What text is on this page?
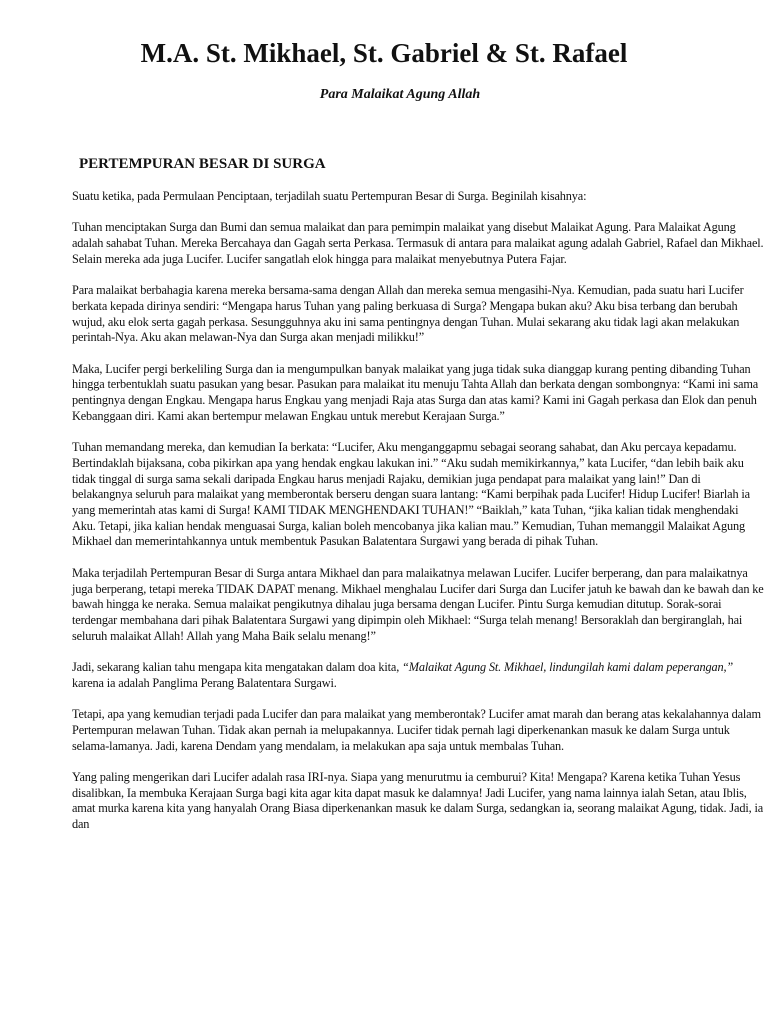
M.A. St. Mikhael, St. Gabriel & St. Rafael
Para Malaikat Agung Allah
PERTEMPURAN BESAR DI SURGA

Suatu ketika, pada Permulaan Penciptaan, terjadilah suatu Pertempuran Besar di Surga. Beginilah kisahnya:

Tuhan menciptakan Surga dan Bumi dan semua malaikat dan para pemimpin malaikat yang disebut Malaikat Agung. Para Malaikat Agung adalah sahabat Tuhan. Mereka Bercahaya dan Gagah serta Perkasa. Termasuk di antara para malaikat agung adalah Gabriel, Rafael dan Mikhael. Selain mereka ada juga Lucifer. Lucifer sangatlah elok hingga para malaikat menyebutnya Putera Fajar.

Para malaikat berbahagia karena mereka bersama-sama dengan Allah dan mereka semua mengasihi-Nya. Kemudian, pada suatu hari Lucifer berkata kepada dirinya sendiri: “Mengapa harus Tuhan yang paling berkuasa di Surga? Mengapa bukan aku? Aku bisa terbang dan berubah wujud, aku elok serta gagah perkasa. Sesungguhnya aku ini sama pentingnya dengan Tuhan. Mulai sekarang aku tidak lagi akan melakukan perintah-Nya. Aku akan melawan-Nya dan Surga akan menjadi milikku!”

Maka, Lucifer pergi berkeliling Surga dan ia mengumpulkan banyak malaikat yang juga tidak suka dianggap kurang penting dibanding Tuhan hingga terbentuklah suatu pasukan yang besar. Pasukan para malaikat itu menuju Tahta Allah dan berkata dengan sombongnya: “Kami ini sama pentingnya dengan Engkau. Mengapa harus Engkau yang menjadi Raja atas Surga dan atas kami? Kami ini Gagah perkasa dan Elok dan penuh Kebanggaan diri. Kami akan bertempur melawan Engkau untuk merebut Kerajaan Surga.”

Tuhan memandang mereka, dan kemudian Ia berkata: “Lucifer, Aku menganggapmu sebagai seorang sahabat, dan Aku percaya kepadamu. Bertindaklah bijaksana, coba pikirkan apa yang hendak engkau lakukan ini.” “Aku sudah memikirkannya,” kata Lucifer, “dan lebih baik aku tidak tinggal di surga sama sekali daripada Engkau harus menjadi Rajaku, demikian juga pendapat para malaikat yang lain!” Dan di belakangnya seluruh para malaikat yang memberontak berseru dengan suara lantang: “Kami berpihak pada Lucifer! Hidup Lucifer! Biarlah ia yang memerintah atas kami di Surga! KAMI TIDAK MENGHENDAKI TUHAN!” “Baiklah,” kata Tuhan, “jika kalian tidak menghendaki Aku. Tetapi, jika kalian hendak menguasai Surga, kalian boleh mencobanya jika kalian mau.” Kemudian, Tuhan memanggil Malaikat Agung Mikhael dan memerintahkannya untuk membentuk Pasukan Balatentara Surgawi yang berada di pihak Tuhan.

Maka terjadilah Pertempuran Besar di Surga antara Mikhael dan para malaikatnya melawan Lucifer. Lucifer berperang, dan para malaikatnya juga berperang, tetapi mereka TIDAK DAPAT menang. Mikhael menghalau Lucifer dari Surga dan Lucifer jatuh ke bawah dan ke bawah dan ke bawah hingga ke neraka. Semua malaikat pengikutnya dihalau juga bersama dengan Lucifer. Pintu Surga kemudian ditutup. Sorak-sorai terdengar membahana dari pihak Balatentara Surgawi yang dipimpin oleh Mikhael: “Surga telah menang! Bersoraklah dan bergiranglah, hai seluruh malaikat Allah! Allah yang Maha Baik selalu menang!”

Jadi, sekarang kalian tahu mengapa kita mengatakan dalam doa kita, “Malaikat Agung St. Mikhael, lindungilah kami dalam peperangan,” karena ia adalah Panglima Perang Balatentara Surgawi.

Tetapi, apa yang kemudian terjadi pada Lucifer dan para malaikat yang memberontak? Lucifer amat marah dan berang atas kekalahannya dalam Pertempuran melawan Tuhan. Tidak akan pernah ia melupakannya. Lucifer tidak pernah lagi diperkenankan masuk ke dalam Surga untuk selama-lamanya. Jadi, karena Dendam yang mendalam, ia melakukan apa saja untuk membalas Tuhan.

Yang paling mengerikan dari Lucifer adalah rasa IRI-nya. Siapa yang menurutmu ia cemburui? Kita! Mengapa? Karena ketika Tuhan Yesus disalibkan, Ia membuka Kerajaan Surga bagi kita agar kita dapat masuk ke dalamnya! Jadi Lucifer, yang nama lainnya ialah Setan, atau Iblis, amat murka karena kita yang hanyalah Orang Biasa diperkenankan masuk ke dalam Surga, sedangkan ia, seorang malaikat Agung, tidak. Jadi, ia dan
